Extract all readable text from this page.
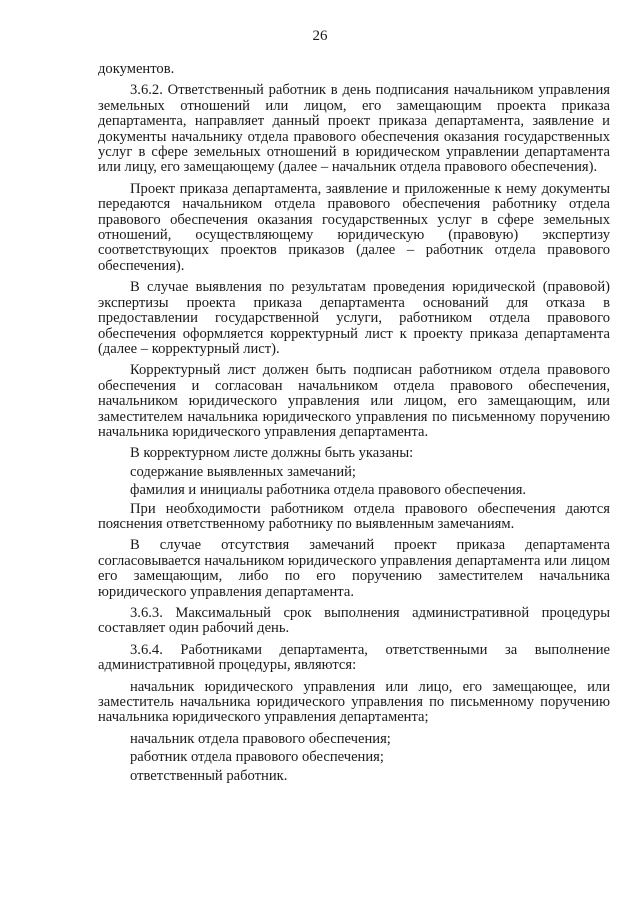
26

документов.

3.6.2. Ответственный работник в день подписания начальником управления земельных отношений или лицом, его замещающим проекта приказа департамента, направляет данный проект приказа департамента, заявление и документы начальнику отдела правового обеспечения оказания государственных услуг в сфере земельных отношений в юридическом управлении департамента или лицу, его замещающему (далее – начальник отдела правового обеспечения).

Проект приказа департамента, заявление и приложенные к нему документы передаются начальником отдела правового обеспечения работнику отдела правового обеспечения оказания государственных услуг в сфере земельных отношений, осуществляющему юридическую (правовую) экспертизу соответствующих проектов приказов (далее – работник отдела правового обеспечения).

В случае выявления по результатам проведения юридической (правовой) экспертизы проекта приказа департамента оснований для отказа в предоставлении государственной услуги, работником отдела правового обеспечения оформляется корректурный лист к проекту приказа департамента (далее – корректурный лист).

Корректурный лист должен быть подписан работником отдела правового обеспечения и согласован начальником отдела правового обеспечения, начальником юридического управления или лицом, его замещающим, или заместителем начальника юридического управления по письменному поручению начальника юридического управления департамента.

В корректурном листе должны быть указаны:

содержание выявленных замечаний;

фамилия и инициалы работника отдела правового обеспечения.

При необходимости работником отдела правового обеспечения даются пояснения ответственному работнику по выявленным замечаниям.

В случае отсутствия замечаний проект приказа департамента согласовывается начальником юридического управления департамента или лицом его замещающим, либо по его поручению заместителем начальника юридического управления департамента.

3.6.3. Максимальный срок выполнения административной процедуры составляет один рабочий день.

3.6.4. Работниками департамента, ответственными за выполнение административной процедуры, являются:

начальник юридического управления или лицо, его замещающее, или заместитель начальника юридического управления по письменному поручению начальника юридического управления департамента;

начальник отдела правового обеспечения;

работник отдела правового обеспечения;

ответственный работник.
